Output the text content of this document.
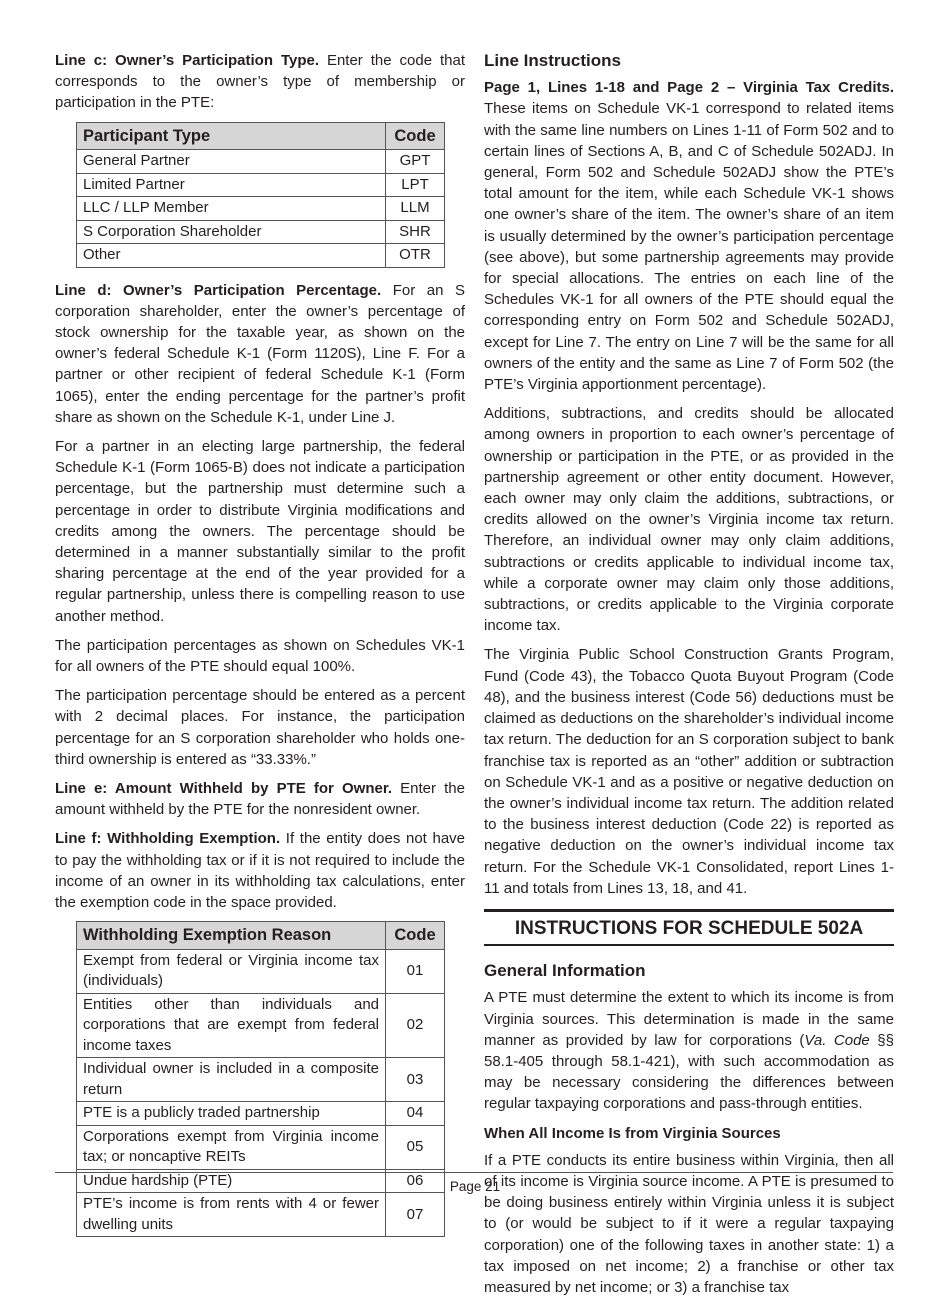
Line c: Owner’s Participation Type. Enter the code that corresponds to the owner’s type of membership or participation in the PTE:

Participant Type	Code
General Partner	GPT
Limited Partner	LPT
LLC / LLP Member	LLM
S Corporation Shareholder	SHR
Other	OTR

Line d: Owner’s Participation Percentage. For an S corporation shareholder, enter the owner’s percentage of stock ownership for the taxable year, as shown on the owner’s federal Schedule K-1 (Form 1120S), Line F. For a partner or other recipient of federal Schedule K-1 (Form 1065), enter the ending percentage for the partner’s profit share as shown on the Schedule K-1, under Line J.

For a partner in an electing large partnership, the federal Schedule K-1 (Form 1065-B) does not indicate a participation percentage, but the partnership must determine such a percentage in order to distribute Virginia modifications and credits among the owners. The percentage should be determined in a manner substantially similar to the profit sharing percentage at the end of the year provided for a regular partnership, unless there is compelling reason to use another method.

The participation percentages as shown on Schedules VK-1 for all owners of the PTE should equal 100%.

The participation percentage should be entered as a percent with 2 decimal places. For instance, the participation percentage for an S corporation shareholder who holds one-third ownership is entered as “33.33%.”

Line e: Amount Withheld by PTE for Owner. Enter the amount withheld by the PTE for the nonresident owner.

Line f: Withholding Exemption. If the entity does not have to pay the withholding tax or if it is not required to include the income of an owner in its withholding tax calculations, enter the exemption code in the space provided.

Withholding Exemption Reason	Code
Exempt from federal or Virginia income tax (individuals)	01
Entities other than individuals and corporations that are exempt from federal income taxes	02
Individual owner is included in a composite return	03
PTE is a publicly traded partnership	04
Corporations exempt from Virginia income tax; or noncaptive REITs	05
Undue hardship (PTE)	06
PTE’s income is from rents with 4 or fewer dwelling units	07
Line Instructions

Page 1, Lines 1-18 and Page 2 – Virginia Tax Credits. These items on Schedule VK-1 correspond to related items with the same line numbers on Lines 1-11 of Form 502 and to certain lines of Sections A, B, and C of Schedule 502ADJ. In general, Form 502 and Schedule 502ADJ show the PTE’s total amount for the item, while each Schedule VK-1 shows one owner’s share of the item. The owner’s share of an item is usually determined by the owner’s participation percentage (see above), but some partnership agreements may provide for special allocations. The entries on each line of the Schedules VK-1 for all owners of the PTE should equal the corresponding entry on Form 502 and Schedule 502ADJ, except for Line 7. The entry on Line 7 will be the same for all owners of the entity and the same as Line 7 of Form 502 (the PTE’s Virginia apportionment percentage).

Additions, subtractions, and credits should be allocated among owners in proportion to each owner’s percentage of ownership or participation in the PTE, or as provided in the partnership agreement or other entity document. However, each owner may only claim the additions, subtractions, or credits allowed on the owner’s Virginia income tax return. Therefore, an individual owner may only claim additions, subtractions or credits applicable to individual income tax, while a corporate owner may claim only those additions, subtractions, or credits applicable to the Virginia corporate income tax.

The Virginia Public School Construction Grants Program, Fund (Code 43), the Tobacco Quota Buyout Program (Code 48), and the business interest (Code 56) deductions must be claimed as deductions on the shareholder’s individual income tax return. The deduction for an S corporation subject to bank franchise tax is reported as an “other” addition or subtraction on Schedule VK-1 and as a positive or negative deduction on the owner’s individual income tax return. The addition related to the business interest deduction (Code 22) is reported as negative deduction on the owner’s individual income tax return. For the Schedule VK-1 Consolidated, report Lines 1-11 and totals from Lines 13, 18, and 41.

INSTRUCTIONS FOR SCHEDULE 502A
General Information

A PTE must determine the extent to which its income is from Virginia sources. This determination is made in the same manner as provided by law for corporations (Va. Code §§ 58.1-405 through 58.1-421), with such accommodation as may be necessary considering the differences between regular taxpaying corporations and pass-through entities.

When All Income Is from Virginia Sources

If a PTE conducts its entire business within Virginia, then all of its income is Virginia source income. A PTE is presumed to be doing business entirely within Virginia unless it is subject to (or would be subject to if it were a regular taxpaying corporation) one of the following taxes in another state: 1) a tax imposed on net income; 2) a franchise or other tax measured by net income; or 3) a franchise tax

Page 21
